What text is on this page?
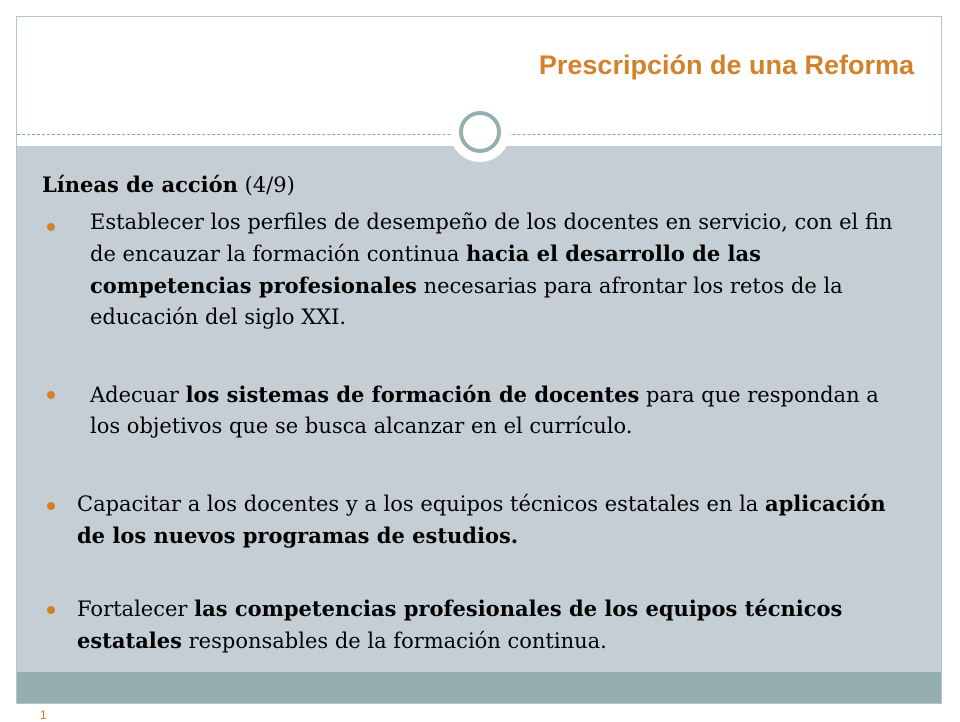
Prescripción de una Reforma

Líneas de acción (4/9)

Establecer los perfiles de desempeño de los docentes en servicio, con el fin de encauzar la formación continua hacia el desarrollo de las competencias profesionales necesarias para afrontar los retos de la educación del siglo XXI.

Adecuar los sistemas de formación de docentes para que respondan a los objetivos que se busca alcanzar en el currículo.

Capacitar a los docentes y a los equipos técnicos estatales en la aplicación de los nuevos programas de estudios.

Fortalecer las competencias profesionales de los equipos técnicos estatales responsables de la formación continua.

1
